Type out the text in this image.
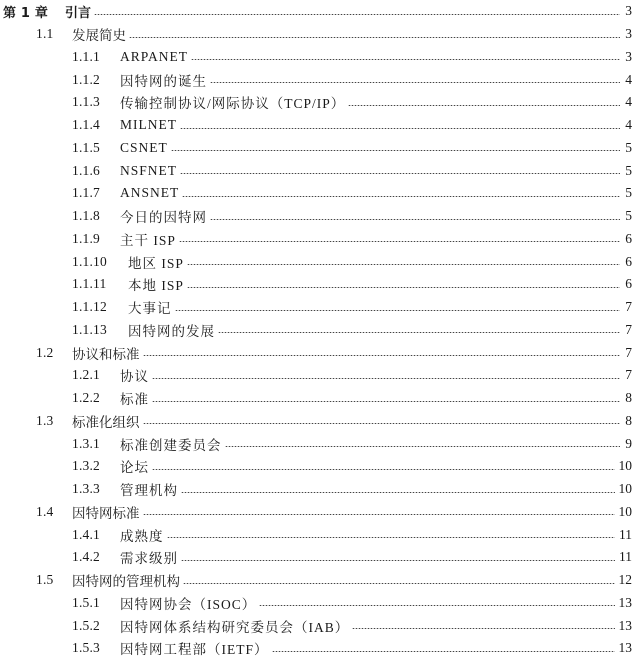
第 1 章	引言	3
1.1	发展简史	3
1.1.1	ARPANET	3
1.1.2	因特网的诞生	4
1.1.3	传输控制协议/网际协议（TCP/IP）	4
1.1.4	MILNET	4
1.1.5	CSNET	5
1.1.6	NSFNET	5
1.1.7	ANSNET	5
1.1.8	今日的因特网	5
1.1.9	主干 ISP	6
1.1.10	地区 ISP	6
1.1.11	本地 ISP	6
1.1.12	大事记	7
1.1.13	因特网的发展	7
1.2	协议和标准	7
1.2.1	协议	7
1.2.2	标准	8
1.3	标准化组织	8
1.3.1	标准创建委员会	9
1.3.2	论坛	10
1.3.3	管理机构	10
1.4	因特网标准	10
1.4.1	成熟度	11
1.4.2	需求级别	11
1.5	因特网的管理机构	12
1.5.1	因特网协会（ISOC）	13
1.5.2	因特网体系结构研究委员会（IAB）	13
1.5.3	因特网工程部（IETF）	13
